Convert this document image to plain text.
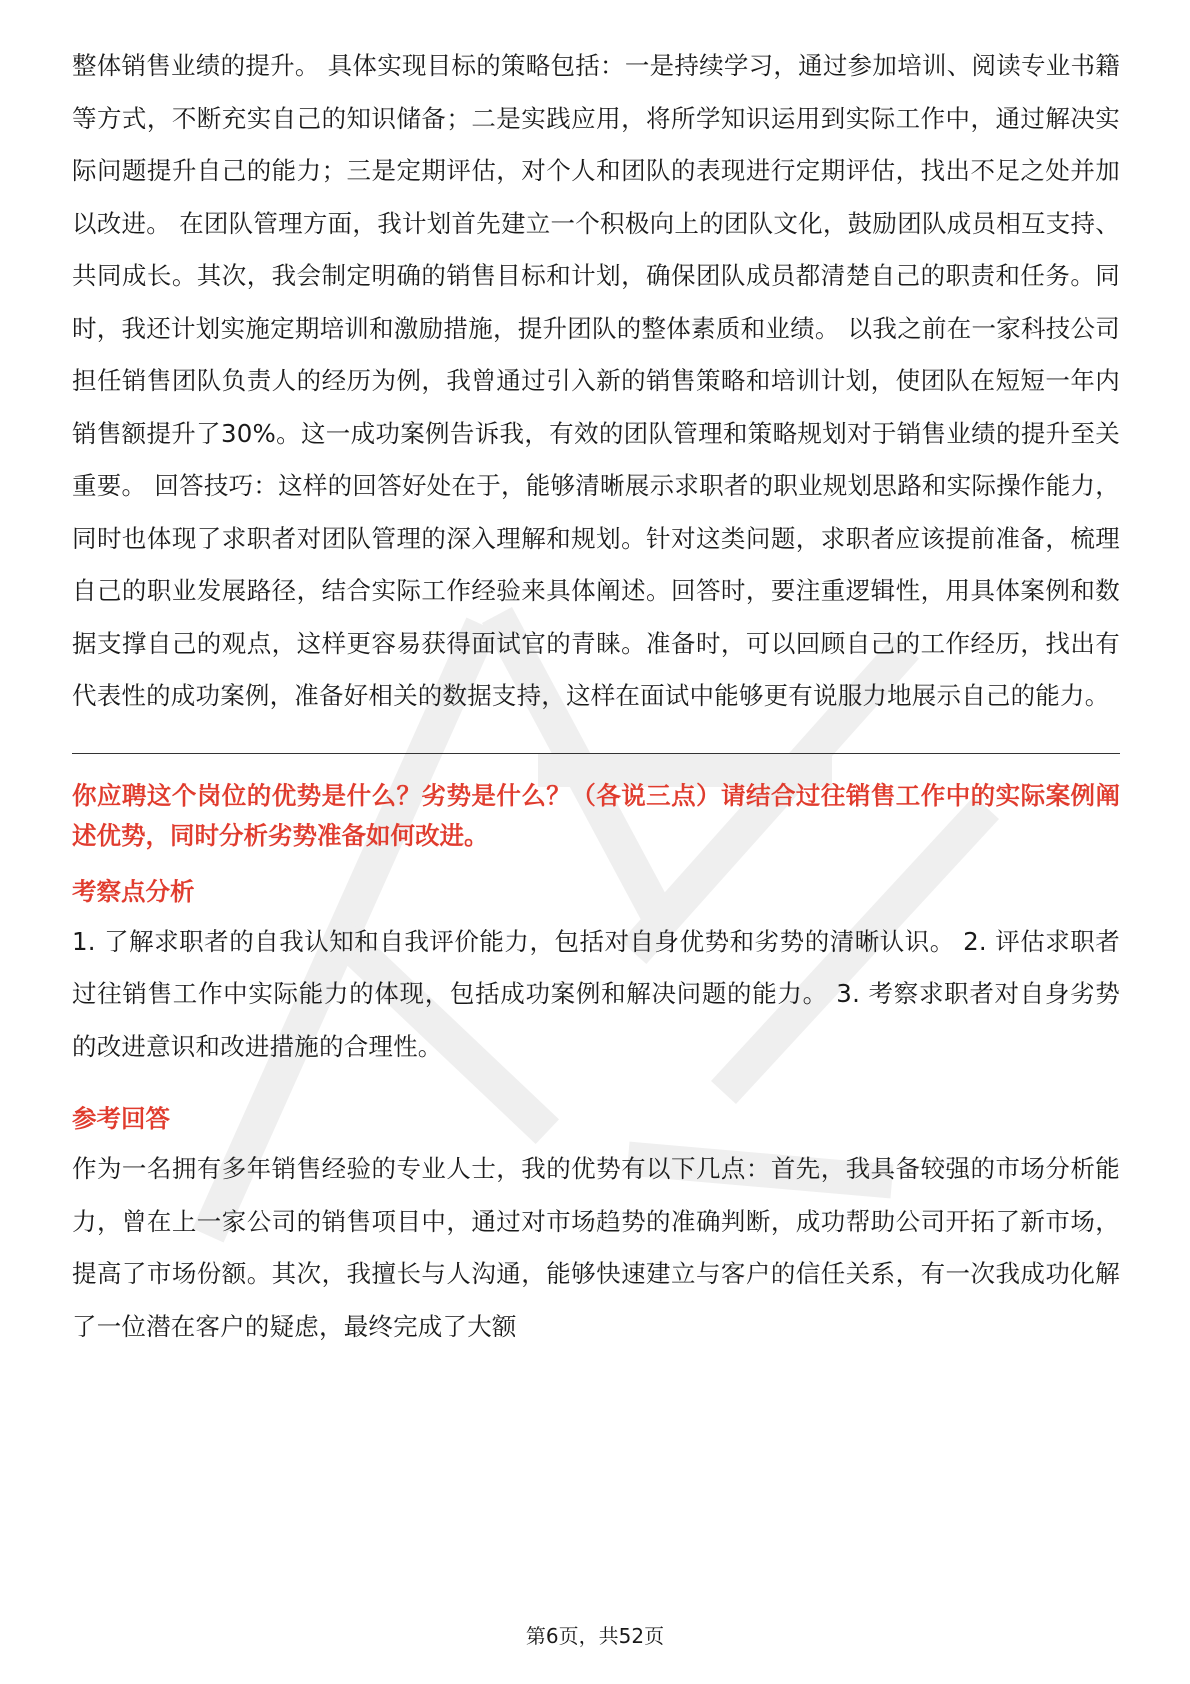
整体销售业绩的提升。 具体实现目标的策略包括：一是持续学习，通过参加培训、阅读专业书籍等方式，不断充实自己的知识储备；二是实践应用，将所学知识运用到实际工作中，通过解决实际问题提升自己的能力；三是定期评估，对个人和团队的表现进行定期评估，找出不足之处并加以改进。 在团队管理方面，我计划首先建立一个积极向上的团队文化，鼓励团队成员相互支持、共同成长。其次，我会制定明确的销售目标和计划，确保团队成员都清楚自己的职责和任务。同时，我还计划实施定期培训和激励措施，提升团队的整体素质和业绩。 以我之前在一家科技公司担任销售团队负责人的经历为例，我曾通过引入新的销售策略和培训计划，使团队在短短一年内销售额提升了30%。这一成功案例告诉我，有效的团队管理和策略规划对于销售业绩的提升至关重要。 回答技巧：这样的回答好处在于，能够清晰展示求职者的职业规划思路和实际操作能力，同时也体现了求职者对团队管理的深入理解和规划。针对这类问题，求职者应该提前准备，梳理自己的职业发展路径，结合实际工作经验来具体阐述。回答时，要注重逻辑性，用具体案例和数据支撑自己的观点，这样更容易获得面试官的青睐。准备时，可以回顾自己的工作经历，找出有代表性的成功案例，准备好相关的数据支持，这样在面试中能够更有说服力地展示自己的能力。

你应聘这个岗位的优势是什么？劣势是什么？（各说三点）请结合过往销售工作中的实际案例阐述优势，同时分析劣势准备如何改进。

考察点分析

1. 了解求职者的自我认知和自我评价能力，包括对自身优势和劣势的清晰认识。 2. 评估求职者过往销售工作中实际能力的体现，包括成功案例和解决问题的能力。 3. 考察求职者对自身劣势的改进意识和改进措施的合理性。

参考回答

作为一名拥有多年销售经验的专业人士，我的优势有以下几点：首先，我具备较强的市场分析能力，曾在上一家公司的销售项目中，通过对市场趋势的准确判断，成功帮助公司开拓了新市场，提高了市场份额。其次，我擅长与人沟通，能够快速建立与客户的信任关系，有一次我成功化解了一位潜在客户的疑虑，最终完成了大额

第6页，共52页
